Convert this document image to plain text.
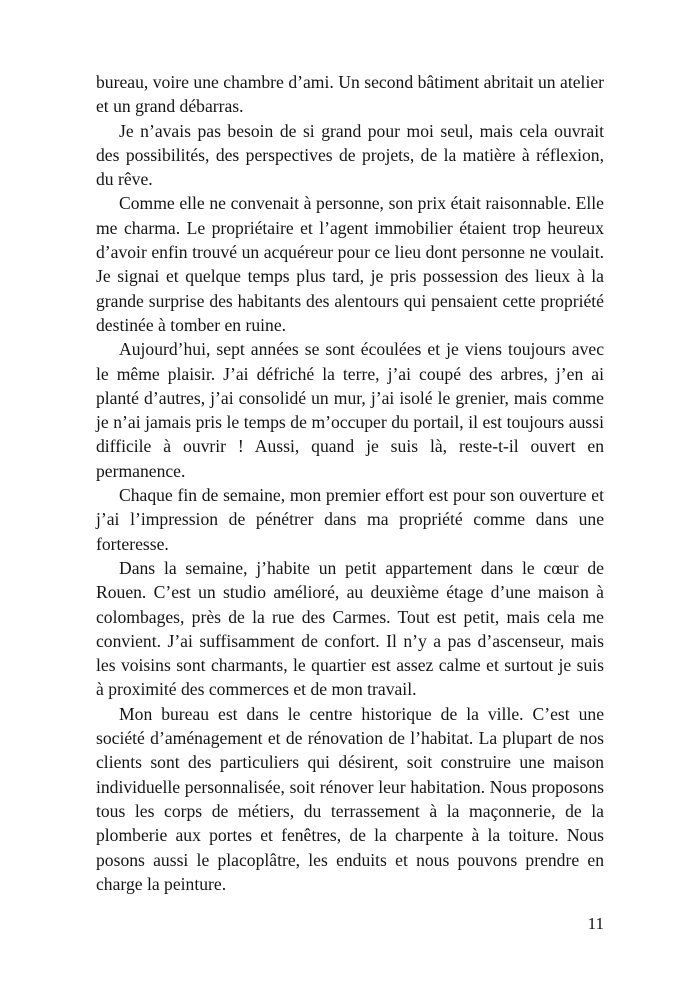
bureau, voire une chambre d’ami. Un second bâtiment abritait un atelier et un grand débarras.

Je n’avais pas besoin de si grand pour moi seul, mais cela ouvrait des possibilités, des perspectives de projets, de la matière à réflexion, du rêve.

Comme elle ne convenait à personne, son prix était raisonnable. Elle me charma. Le propriétaire et l’agent immobilier étaient trop heureux d’avoir enfin trouvé un acquéreur pour ce lieu dont personne ne voulait. Je signai et quelque temps plus tard, je pris possession des lieux à la grande surprise des habitants des alentours qui pensaient cette propriété destinée à tomber en ruine.

Aujourd’hui, sept années se sont écoulées et je viens toujours avec le même plaisir. J’ai défriché la terre, j’ai coupé des arbres, j’en ai planté d’autres, j’ai consolidé un mur, j’ai isolé le grenier, mais comme je n’ai jamais pris le temps de m’occuper du portail, il est toujours aussi difficile à ouvrir ! Aussi, quand je suis là, reste-t-il ouvert en permanence.

Chaque fin de semaine, mon premier effort est pour son ouverture et j’ai l’impression de pénétrer dans ma propriété comme dans une forteresse.

Dans la semaine, j’habite un petit appartement dans le cœur de Rouen. C’est un studio amélioré, au deuxième étage d’une maison à colombages, près de la rue des Carmes. Tout est petit, mais cela me convient. J’ai suffisamment de confort. Il n’y a pas d’ascenseur, mais les voisins sont charmants, le quartier est assez calme et surtout je suis à proximité des commerces et de mon travail.

Mon bureau est dans le centre historique de la ville. C’est une société d’aménagement et de rénovation de l’habitat. La plupart de nos clients sont des particuliers qui désirent, soit construire une maison individuelle personnalisée, soit rénover leur habitation. Nous proposons tous les corps de métiers, du terrassement à la maçonnerie, de la plomberie aux portes et fenêtres, de la charpente à la toiture. Nous posons aussi le placoplâtre, les enduits et nous pouvons prendre en charge la peinture.

11
